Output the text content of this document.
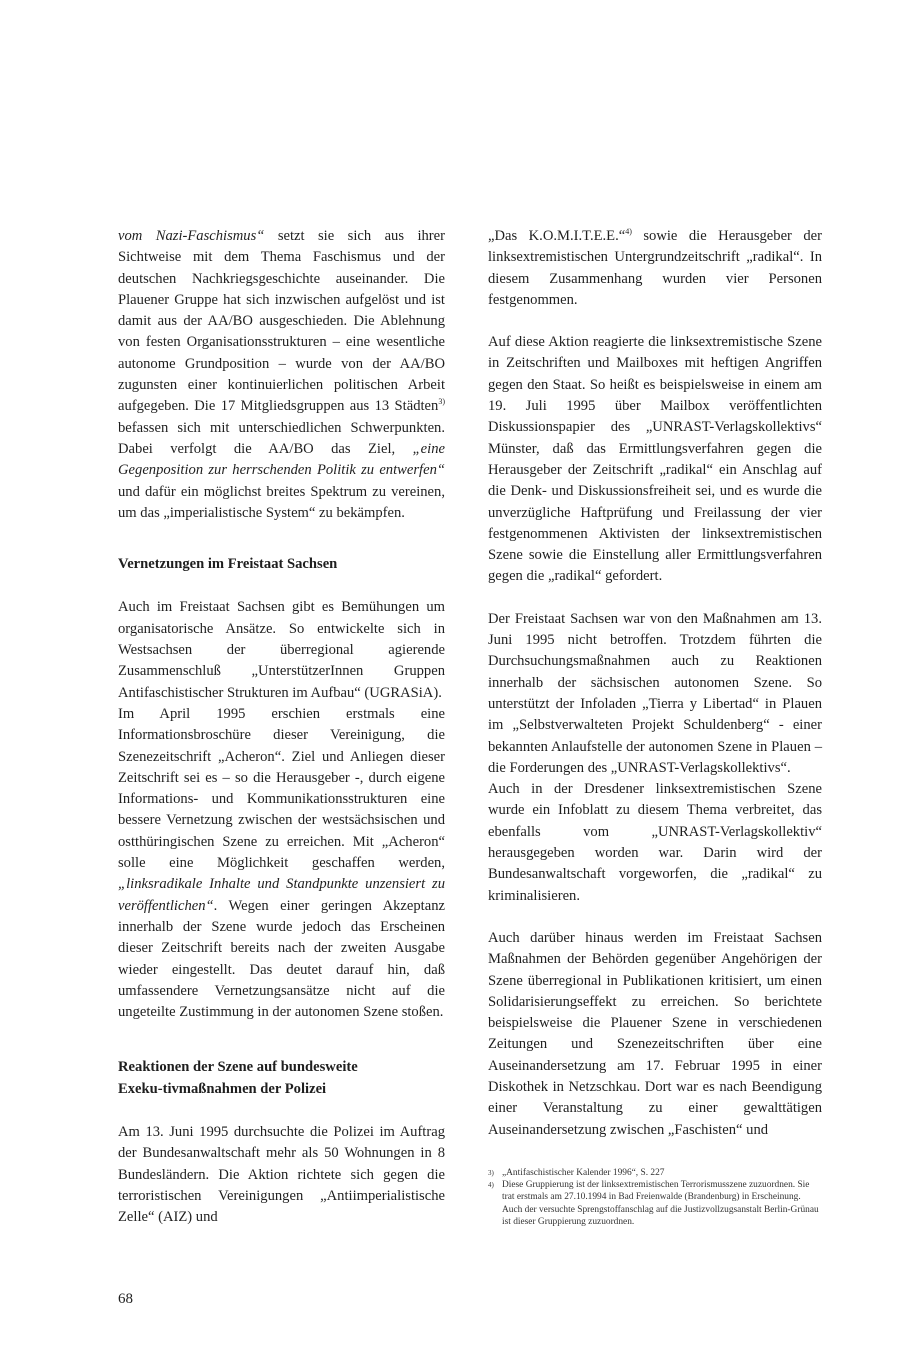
vom Nazi-Faschismus“ setzt sie sich aus ihrer Sichtweise mit dem Thema Faschismus und der deutschen Nachkriegsgeschichte auseinander. Die Plauener Gruppe hat sich inzwischen aufgelöst und ist damit aus der AA/BO ausgeschieden. Die Ablehnung von festen Organisationsstrukturen – eine wesentliche autonome Grundposition – wurde von der AA/BO zugunsten einer kontinuierlichen politischen Arbeit aufgegeben. Die 17 Mitgliedsgruppen aus 13 Städten$^{3)}$ befassen sich mit unterschiedlichen Schwerpunkten. Dabei verfolgt die AA/BO das Ziel, „eine Gegenposition zur herrschenden Politik zu entwerfen“ und dafür ein möglichst breites Spektrum zu vereinen, um das „imperialistische System“ zu bekämpfen.

Vernetzungen im Freistaat Sachsen

Auch im Freistaat Sachsen gibt es Bemühungen um organisatorische Ansätze. So entwickelte sich in Westsachsen der überregional agierende Zusammenschluß „UnterstützerInnen Gruppen Antifaschistischer Strukturen im Aufbau“ (UGRASiA).

Im April 1995 erschien erstmals eine Informationsbroschüre dieser Vereinigung, die Szenezeitschrift „Acheron“. Ziel und Anliegen dieser Zeitschrift sei es – so die Herausgeber -, durch eigene Informations- und Kommunikationsstrukturen eine bessere Vernetzung zwischen der westsächsischen und ostthüringischen Szene zu erreichen. Mit „Acheron“ solle eine Möglichkeit geschaffen werden, „linksradikale Inhalte und Standpunkte unzensiert zu veröffentlichen“. Wegen einer geringen Akzeptanz innerhalb der Szene wurde jedoch das Erscheinen dieser Zeitschrift bereits nach der zweiten Ausgabe wieder eingestellt. Das deutet darauf hin, daß umfassendere Vernetzungsansätze nicht auf die ungeteilte Zustimmung in der autonomen Szene stoßen.

Reaktionen der Szene auf bundesweite
Exeku-tivmaßnahmen der Polizei

Am 13. Juni 1995 durchsuchte die Polizei im Auftrag der Bundesanwaltschaft mehr als 50 Wohnungen in 8 Bundesländern. Die Aktion richtete sich gegen die terroristischen Vereinigungen „Antiimperialistische Zelle“ (AIZ) und

„Das K.O.M.I.T.E.E.“$^{4)}$ sowie die Herausgeber der linksextremistischen Untergrundzeitschrift „radikal“. In diesem Zusammenhang wurden vier Personen festgenommen.

Auf diese Aktion reagierte die linksextremistische Szene in Zeitschriften und Mailboxes mit heftigen Angriffen gegen den Staat. So heißt es beispielsweise in einem am 19. Juli 1995 über Mailbox veröffentlichten Diskussionspapier des „UNRAST-Verlagskollektivs“ Münster, daß das Ermittlungsverfahren gegen die Herausgeber der Zeitschrift „radikal“ ein Anschlag auf die Denk- und Diskussionsfreiheit sei, und es wurde die unverzügliche Haftprüfung und Freilassung der vier festgenommenen Aktivisten der linksextremistischen Szene sowie die Einstellung aller Ermittlungsverfahren gegen die „radikal“ gefordert.

Der Freistaat Sachsen war von den Maßnahmen am 13. Juni 1995 nicht betroffen. Trotzdem führten die Durchsuchungsmaßnahmen auch zu Reaktionen innerhalb der sächsischen autonomen Szene. So unterstützt der Infoladen „Tierra y Libertad“ in Plauen im „Selbstverwalteten Projekt Schuldenberg“ - einer bekannten Anlaufstelle der autonomen Szene in Plauen – die Forderungen des „UNRAST-Verlagskollektivs“.

Auch in der Dresdener linksextremistischen Szene wurde ein Infoblatt zu diesem Thema verbreitet, das ebenfalls vom „UNRAST-Verlagskollektiv“ herausgegeben worden war. Darin wird der Bundesanwaltschaft vorgeworfen, die „radikal“ zu kriminalisieren.

Auch darüber hinaus werden im Freistaat Sachsen Maßnahmen der Behörden gegenüber Angehörigen der Szene überregional in Publikationen kritisiert, um einen Solidarisierungseffekt zu erreichen. So berichtete beispielsweise die Plauener Szene in verschiedenen Zeitungen und Szenezeitschriften über eine Auseinandersetzung am 17. Februar 1995 in einer Diskothek in Netzschkau. Dort war es nach Beendigung einer Veranstaltung zu einer gewalttätigen Auseinandersetzung zwischen „Faschisten“ und

3) „Antifaschistischer Kalender 1996“, S. 227
4) Diese Gruppierung ist der linksextremistischen Terrorismusszene zuzuordnen. Sie trat erstmals am 27.10.1994 in Bad Freienwalde (Brandenburg) in Erscheinung. Auch der versuchte Sprengstoffanschlag auf die Justizvollzugsanstalt Berlin-Grünau ist dieser Gruppierung zuzuordnen.
68
